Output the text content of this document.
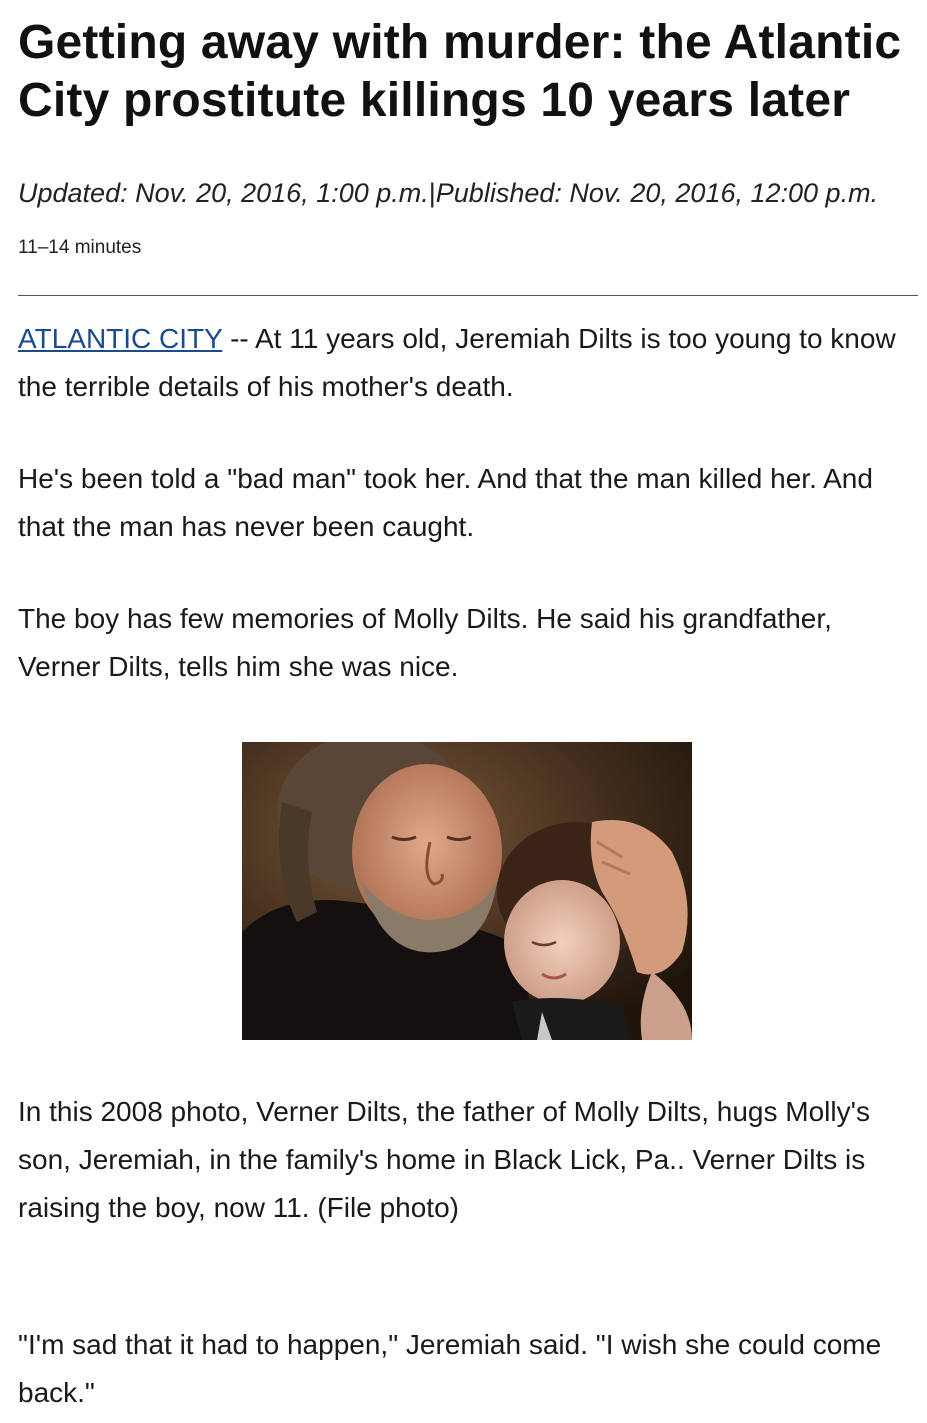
Getting away with murder: the Atlantic City prostitute killings 10 years later
Updated: Nov. 20, 2016, 1:00 p.m.|Published: Nov. 20, 2016, 12:00 p.m.
11–14 minutes

ATLANTIC CITY -- At 11 years old, Jeremiah Dilts is too young to know the terrible details of his mother's death.

He's been told a "bad man" took her. And that the man killed her. And that the man has never been caught.

The boy has few memories of Molly Dilts. He said his grandfather, Verner Dilts, tells him she was nice.

In this 2008 photo, Verner Dilts, the father of Molly Dilts, hugs Molly's son, Jeremiah, in the family's home in Black Lick, Pa.. Verner Dilts is raising the boy, now 11. (File photo)

"I'm sad that it had to happen," Jeremiah said. "I wish she could come back."
